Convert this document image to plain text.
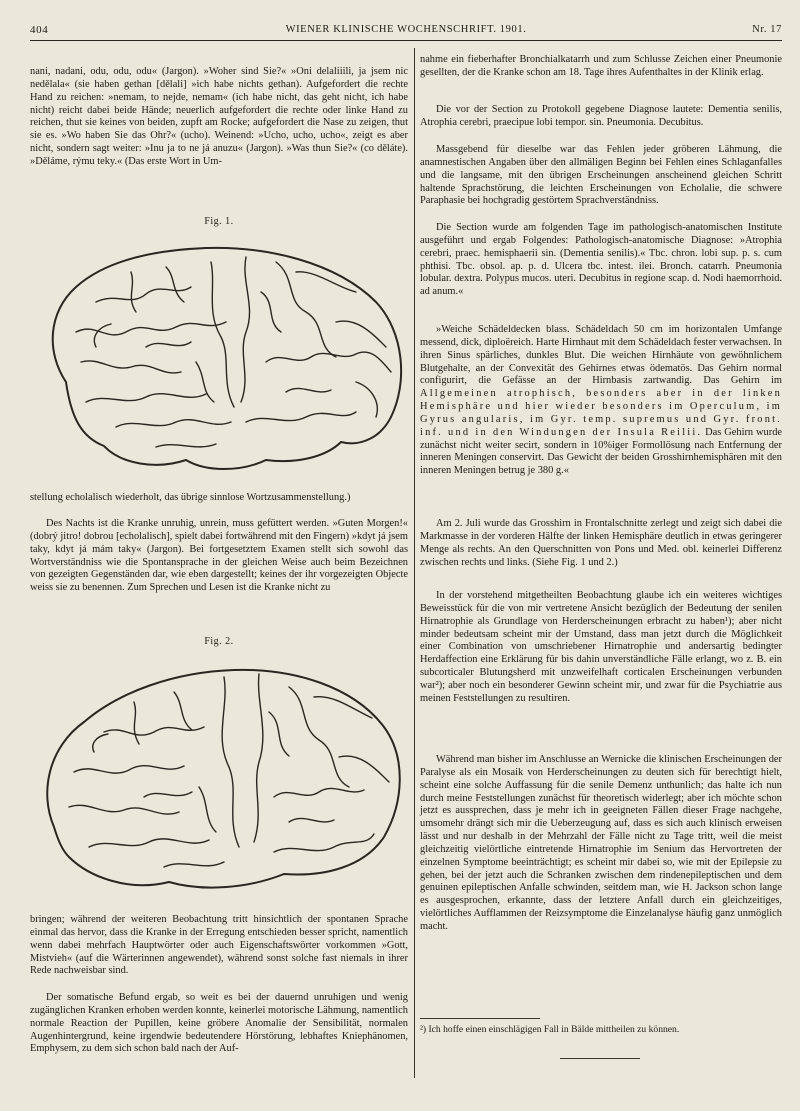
404	WIENER KLINISCHE WOCHENSCHRIFT. 1901.	Nr. 17

nani, nadani, odu, odu, odu« (Jargon). »Woher sind Sie?« »Oni delaliiili, ja jsem nic nedělala« (sie haben gethan [dělali] »ich habe nichts gethan). Aufgefordert die rechte Hand zu reichen: »nemam, to nejde, nemam« (ich habe nicht, das geht nicht, ich habe nicht) reicht dabei beide Hände; neuerlich aufgefordert die rechte oder linke Hand zu reichen, thut sie keines von beiden, zupft am Rocke; aufgefordert die Nase zu zeigen, thut sie es. »Wo haben Sie das Ohr?« (ucho). Weinend: »Ucho, ucho, ucho«, zeigt es aber nicht, sondern sagt weiter: »Inu ja to ne já anuzu« (Jargon). »Was thun Sie?« (co děláte). »Děláme, rýmu teky.« (Das erste Wort in Um-

Fig. 1.

stellung echolalisch wiederholt, das übrige sinnlose Wortzusammenstellung.)

Des Nachts ist die Kranke unruhig, unrein, muss gefüttert werden. »Guten Morgen!« (dobrý jitro! dobrou [echolalisch], spielt dabei fortwährend mit den Fingern) »kdyt já jsem taky, kdyt já mám taky« (Jargon). Bei fortgesetztem Examen stellt sich sowohl das Wortverständniss wie die Spontansprache in der gleichen Weise auch beim Bezeichnen von gezeigten Gegenständen dar, wie eben dargestellt; keines der ihr vorgezeigten Objecte weiss sie zu benennen. Zum Sprechen und Lesen ist die Kranke nicht zu

Fig. 2.

bringen; während der weiteren Beobachtung tritt hinsichtlich der spontanen Sprache einmal das hervor, dass die Kranke in der Erregung entschieden besser spricht, namentlich wenn dabei mehrfach Hauptwörter oder auch Eigenschaftswörter vorkommen »Gott, Mistvieh« (auf die Wärterinnen angewendet), während sonst solche fast niemals in ihrer Rede nachweisbar sind.

Der somatische Befund ergab, so weit es bei der dauernd unruhigen und wenig zugänglichen Kranken erhoben werden konnte, keinerlei motorische Lähmung, namentlich normale Reaction der Pupillen, keine gröbere Anomalie der Sensibilität, normalen Augenhintergrund, keine irgendwie bedeutendere Hörstörung, lebhaftes Kniephänomen, Emphysem, zu dem sich schon bald nach der Auf-

nahme ein fieberhafter Bronchialkatarrh und zum Schlusse Zeichen einer Pneumonie gesellten, der die Kranke schon am 18. Tage ihres Aufenthaltes in der Klinik erlag.

Die vor der Section zu Protokoll gegebene Diagnose lautete: Dementia senilis, Atrophia cerebri, praecipue lobi tempor. sin. Pneumonia. Decubitus.

Massgebend für dieselbe war das Fehlen jeder gröberen Lähmung, die anamnestischen Angaben über den allmäligen Beginn bei Fehlen eines Schlaganfalles und die langsame, mit den übrigen Erscheinungen anscheinend gleichen Schritt haltende Sprachstörung, die leichten Erscheinungen von Echolalie, die schwere Paraphasie bei hochgradig gestörtem Sprachverständniss.

Die Section wurde am folgenden Tage im pathologisch-anatomischen Institute ausgeführt und ergab Folgendes: Pathologisch-anatomische Diagnose: »Atrophia cerebri, praec. hemisphaerii sin. (Dementia senilis).« Tbc. chron. lobi sup. p. s. cum phthisi. Tbc. obsol. ap. p. d. Ulcera tbc. intest. ilei. Bronch. catarrh. Pneumonia lobular. dextra. Polypus mucos. uteri. Decubitus in regione scap. d. Nodi haemorrhoid. ad anum.«

»Weiche Schädeldecken blass. Schädeldach 50 cm im horizontalen Umfange messend, dick, diploëreich. Harte Hirnhaut mit dem Schädeldach fester verwachsen. In ihren Sinus spärliches, dunkles Blut. Die weichen Hirnhäute von gewöhnlichem Blutgehalte, an der Convexität des Gehirnes etwas ödematös. Das Gehirn normal configurirt, die Gefässe an der Hirnbasis zartwandig. Das Gehirn im Allgemeinen atrophisch, besonders aber in der linken Hemisphäre und hier wieder besonders im Operculum, im Gyrus angularis, im Gyr. temp. supremus und Gyr. front. inf. und in den Windungen der Insula Reilii. Das Gehirn wurde zunächst nicht weiter secirt, sondern in 10%iger Formollösung nach Entfernung der inneren Meningen conservirt. Das Gewicht der beiden Grosshirnhemisphären mit den inneren Meningen betrug je 380 g.«

Am 2. Juli wurde das Grosshirn in Frontalschnitte zerlegt und zeigt sich dabei die Markmasse in der vorderen Hälfte der linken Hemisphäre deutlich in etwas geringerer Menge als rechts. An den Querschnitten von Pons und Med. obl. keinerlei Differenz zwischen rechts und links. (Siehe Fig. 1 und 2.)

In der vorstehend mitgetheilten Beobachtung glaube ich ein weiteres wichtiges Beweisstück für die von mir vertretene Ansicht bezüglich der Bedeutung der senilen Hirnatrophie als Grundlage von Herderscheinungen erbracht zu haben¹); aber nicht minder bedeutsam scheint mir der Umstand, dass man jetzt durch die Möglichkeit einer Combination von umschriebener Hirnatrophie und andersartig bedingter Herdaffection eine Erklärung für bis dahin unverständliche Fälle erlangt, wo z. B. ein subcorticaler Blutungsherd mit unzweifelhaft corticalen Erscheinungen verbunden war²); aber noch ein besonderer Gewinn scheint mir, und zwar für die Psychiatrie aus meinen Feststellungen zu resultiren.

Während man bisher im Anschlusse an Wernicke die klinischen Erscheinungen der Paralyse als ein Mosaik von Herderscheinungen zu deuten sich für berechtigt hielt, scheint eine solche Auffassung für die senile Demenz unthunlich; das halte ich nun durch meine Feststellungen zunächst für theoretisch widerlegt; aber ich möchte schon jetzt es aussprechen, dass je mehr ich in geeigneten Fällen dieser Frage nachgehe, umsomehr drängt sich mir die Ueberzeugung auf, dass es sich auch klinisch erweisen lässt und nur deshalb in der Mehrzahl der Fälle nicht zu Tage tritt, weil die meist gleichzeitig vielörtliche eintretende Hirnatrophie im Senium das Hervortreten der einzelnen Symptome beeinträchtigt; es scheint mir dabei so, wie mit der Epilepsie zu gehen, bei der jetzt auch die Schranken zwischen dem rindenepileptischen und dem genuinen epileptischen Anfalle schwinden, seitdem man, wie H. Jackson schon lange es ausgesprochen, erkannte, dass der letztere Anfall durch ein gleichzeitiges, vielörtliches Aufflammen der Reizsymptome die Einzelanalyse häufig ganz unmöglich macht.

²) Ich hoffe einen einschlägigen Fall in Bälde mittheilen zu können.
